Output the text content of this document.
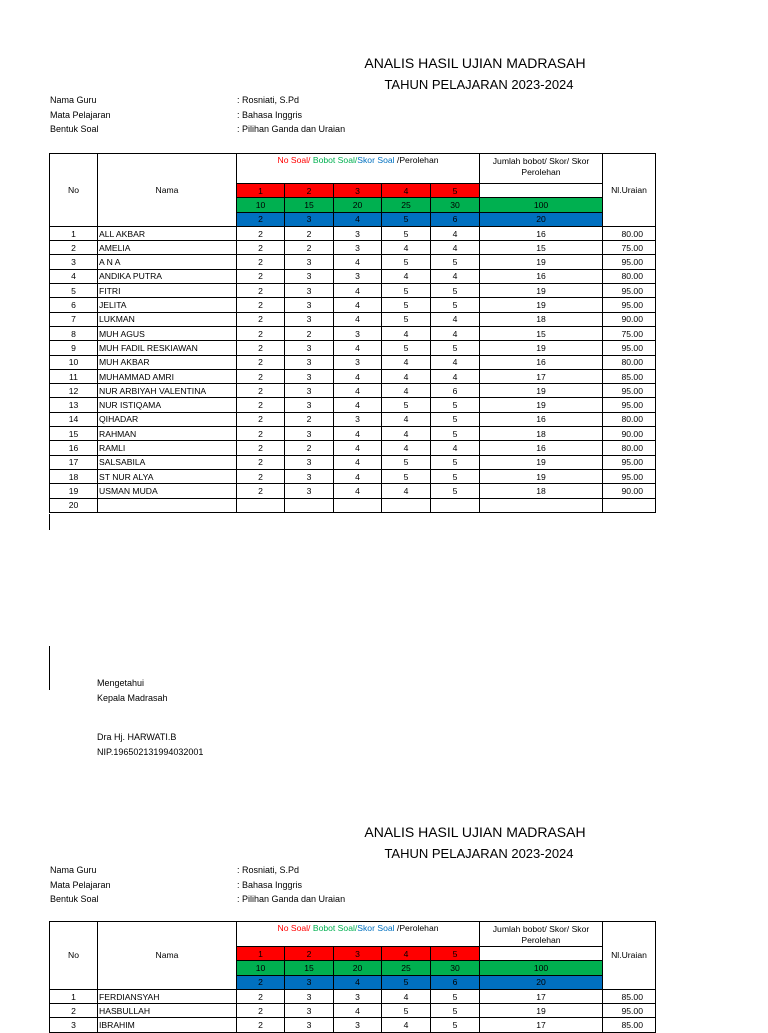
ANALIS HASIL UJIAN MADRASAH
TAHUN PELAJARAN 2023-2024
Nama Guru	: Rosniati, S.Pd
Mata Pelajaran	: Bahasa Inggris
Bentuk Soal	: Pilihan Ganda dan Uraian
No	Nama	No Soal/ Bobot Soal/Skor Soal /Perolehan					Jumlah bobot/ Skor/ Skor Perolehan	Nl.Uraian
		1	2	3	4	5		
		10	15	20	25	30	100	
		2	3	4	5	6	20	
1	ALL AKBAR	2	2	3	5	4	16	80.00
2	AMELIA	2	2	3	4	4	15	75.00
3	A N A	2	3	4	5	5	19	95.00
4	ANDIKA PUTRA	2	3	3	4	4	16	80.00
5	FITRI	2	3	4	5	5	19	95.00
6	JELITA	2	3	4	5	5	19	95.00
7	LUKMAN	2	3	4	5	4	18	90.00
8	MUH AGUS	2	2	3	4	4	15	75.00
9	MUH FADIL RESKIAWAN	2	3	4	5	5	19	95.00
10	MUH AKBAR	2	3	3	4	4	16	80.00
11	MUHAMMAD AMRI	2	3	4	4	4	17	85.00
12	NUR ARBIYAH VALENTINA	2	3	4	4	6	19	95.00
13	NUR ISTIQAMA	2	3	4	5	5	19	95.00
14	QIHADAR	2	2	3	4	5	16	80.00
15	RAHMAN	2	3	4	4	5	18	90.00
16	RAMLI	2	2	4	4	4	16	80.00
17	SALSABILA	2	3	4	5	5	19	95.00
18	ST NUR ALYA	2	3	4	5	5	19	95.00
19	USMAN MUDA	2	3	4	4	5	18	90.00
20								
Mengetahui
Kepala Madrasah
Dra Hj. HARWATI.B
NIP.196502131994032001
ANALIS HASIL UJIAN MADRASAH
TAHUN PELAJARAN 2023-2024
Nama Guru	: Rosniati, S.Pd
Mata Pelajaran	: Bahasa Inggris
Bentuk Soal	: Pilihan Ganda dan Uraian
No	Nama	No Soal/ Bobot Soal/Skor Soal /Perolehan					Jumlah bobot/ Skor/ Skor Perolehan	Nl.Uraian
		1	2	3	4	5		
		10	15	20	25	30	100	
		2	3	4	5	6	20	
1	FERDIANSYAH	2	3	3	4	5	17	85.00
2	HASBULLAH	2	3	4	5	5	19	95.00
3	IBRAHIM	2	3	3	4	5	17	85.00
